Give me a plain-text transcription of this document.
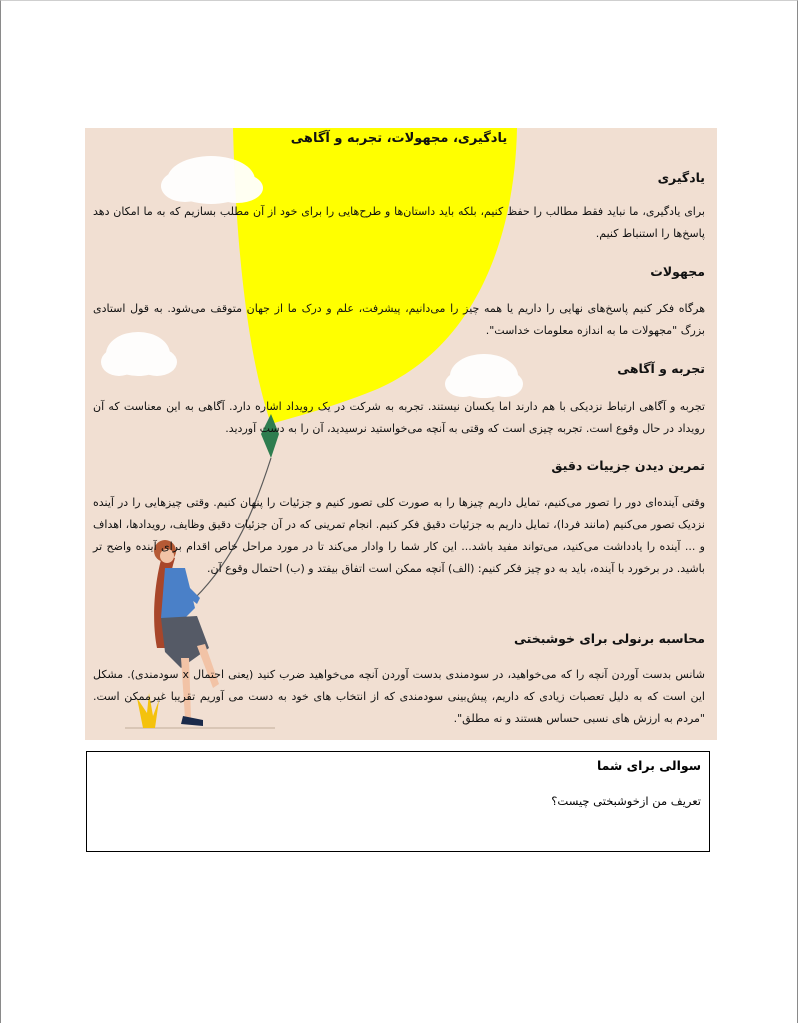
یادگیری، مجهولات، تجربه و آگاهی
یادگیری
برای یادگیری، ما نباید فقط مطالب را حفظ کنیم، بلکه باید داستان‌ها و طرح‌هایی را برای خود از آن مطلب بسازیم که به ما امکان دهد پاسخ‌ها را استنباط کنیم.
مجهولات
هرگاه فکر کنیم پاسخ‌های نهایی را داریم یا همه چیز را می‌دانیم، پیشرفت، علم و درک ما از جهان متوقف می‌شود. به قول استادی بزرگ "مجهولات ما به اندازه معلومات خداست".
تجربه و آگاهی
تجربه و آگاهی ارتباط نزدیکی با هم دارند اما یکسان نیستند. تجربه به شرکت در یک رویداد اشاره دارد. آگاهی به این معناست که آن رویداد در حال وقوع است. تجربه چیزی است که وقتی به آنچه می‌خواستید نرسیدید، آن را به دست آوردید.
تمرین دیدن جزییات دقیق
وقتی آینده‌ای دور را تصور می‌کنیم، تمایل داریم چیزها را به صورت کلی تصور کنیم و جزئیات را پنهان کنیم. وقتی چیزهایی را در آینده نزدیک تصور می‌کنیم (مانند فردا)، تمایل داریم به جزئیات دقیق فکر کنیم. انجام تمرینی که در آن جزئیات دقیق وظایف، رویدادها، اهداف و ... آینده را یادداشت می‌کنید، می‌تواند مفید باشد... این کار شما را وادار می‌کند تا در مورد مراحل خاص اقدام برای آینده واضح تر باشید. در برخورد با آینده، باید به دو چیز فکر کنیم: (الف) آنچه ممکن است اتفاق بیفتد و (ب) احتمال وقوع آن.
محاسبه برنولی برای خوشبختی
شانس بدست آوردن آنچه را که می‌خواهید، در سودمندی بدست آوردن آنچه می‌خواهید ضرب کنید (یعنی احتمال x سودمندی). مشکل این است که به دلیل تعصبات زیادی که داریم، پیش‌بینی سودمندی که از انتخاب های خود به دست می آوریم تقریبا غیرممکن است. "مردم به ارزش های نسبی حساس هستند و نه مطلق".
سوالی برای شما
تعریف من ازخوشبختی چیست؟
